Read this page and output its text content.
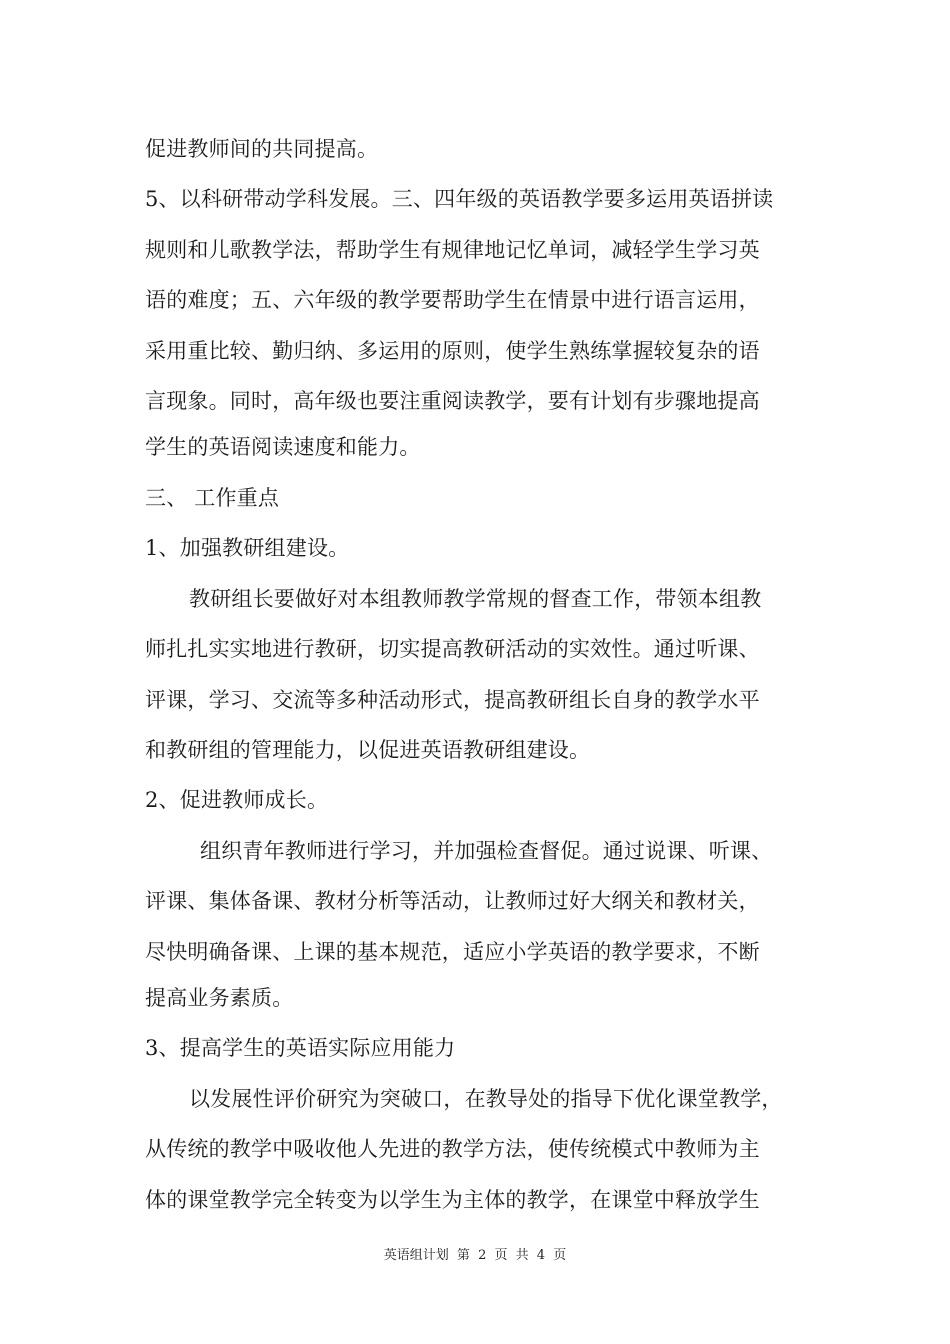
促进教师间的共同提高。
5、以科研带动学科发展。三、四年级的英语教学要多运用英语拼读
规则和儿歌教学法，帮助学生有规律地记忆单词，减轻学生学习英
语的难度；五、六年级的教学要帮助学生在情景中进行语言运用，
采用重比较、勤归纳、多运用的原则，使学生熟练掌握较复杂的语
言现象。同时，高年级也要注重阅读教学，要有计划有步骤地提高
学生的英语阅读速度和能力。
三、 工作重点
1、加强教研组建设。
教研组长要做好对本组教师教学常规的督查工作，带领本组教
师扎扎实实地进行教研，切实提高教研活动的实效性。通过听课、
评课，学习、交流等多种活动形式，提高教研组长自身的教学水平
和教研组的管理能力，以促进英语教研组建设。
2、促进教师成长。
组织青年教师进行学习，并加强检查督促。通过说课、听课、
评课、集体备课、教材分析等活动，让教师过好大纲关和教材关，
尽快明确备课、上课的基本规范，适应小学英语的教学要求，不断
提高业务素质。
3、提高学生的英语实际应用能力
以发展性评价研究为突破口，在教导处的指导下优化课堂教学，
从传统的教学中吸收他人先进的教学方法，使传统模式中教师为主
体的课堂教学完全转变为以学生为主体的教学，在课堂中释放学生
英语组计划 第 2 页 共 4 页
